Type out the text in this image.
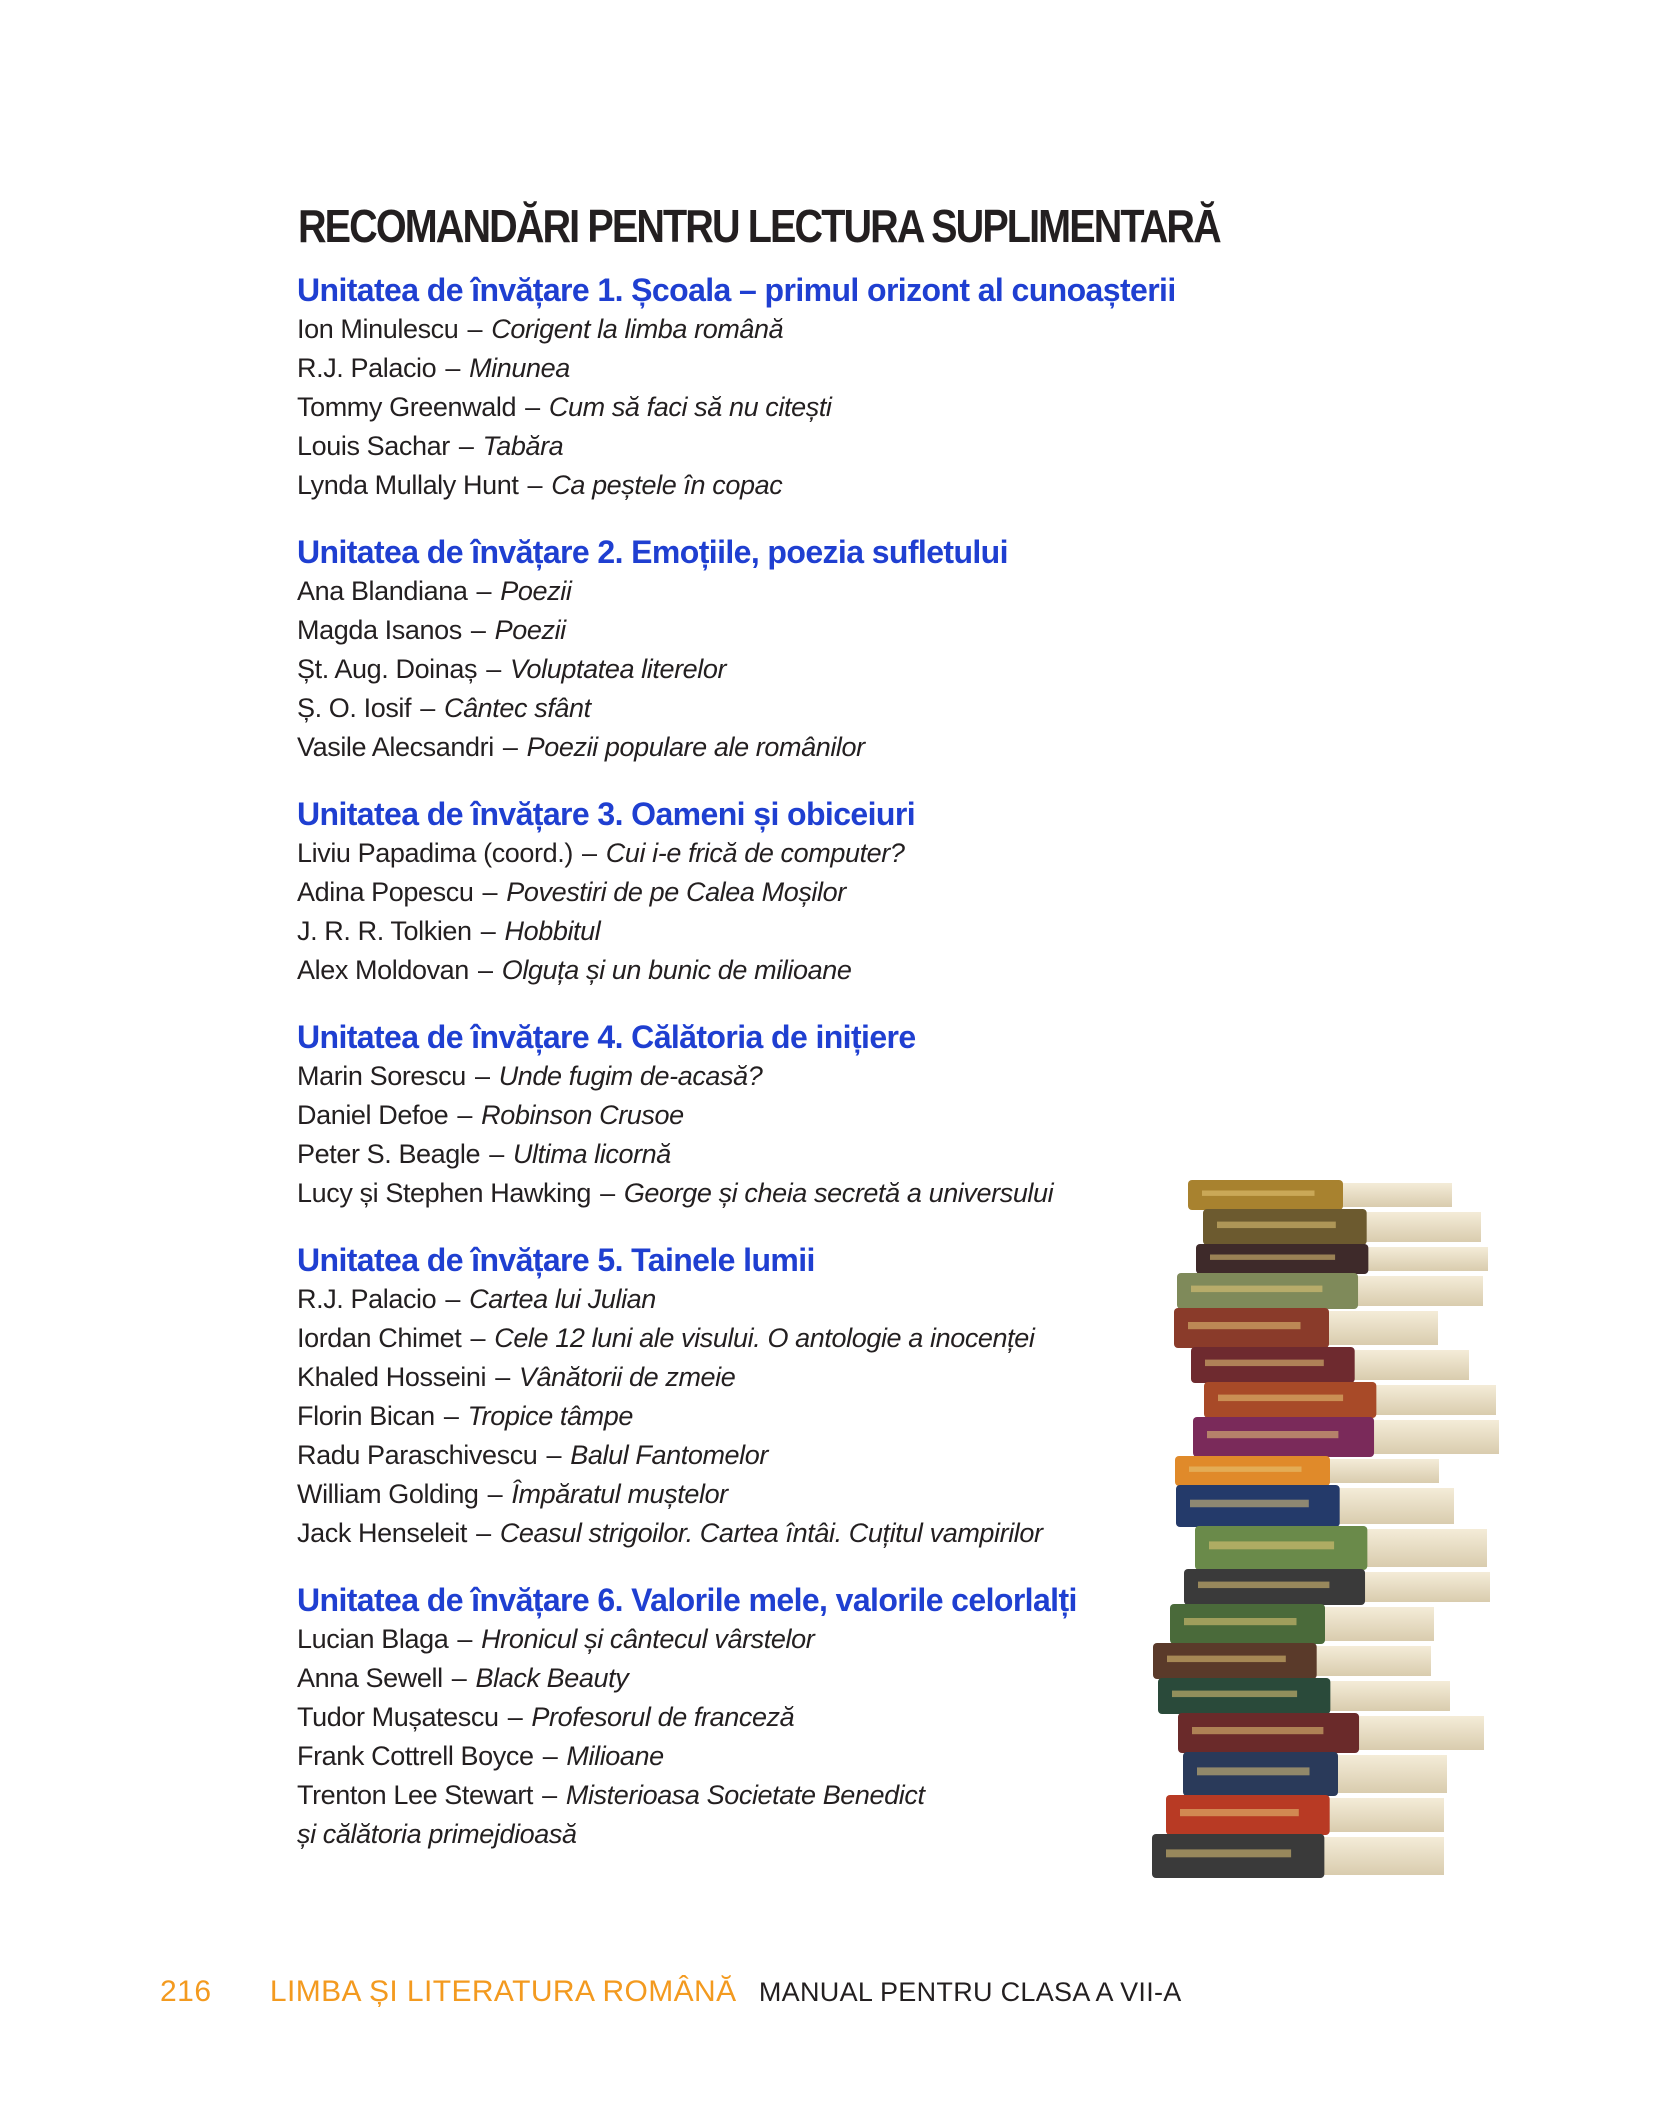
RECOMANDĂRI PENTRU LECTURA SUPLIMENTARĂ
Unitatea de învățare 1. Școala – primul orizont al cunoașterii
Ion Minulescu – Corigent la limba română
R.J. Palacio – Minunea
Tommy Greenwald – Cum să faci să nu citești
Louis Sachar – Tabăra
Lynda Mullaly Hunt – Ca peștele în copac
Unitatea de învățare 2. Emoțiile, poezia sufletului
Ana Blandiana – Poezii
Magda Isanos – Poezii
Șt. Aug. Doinaș – Voluptatea literelor
Ș. O. Iosif – Cântec sfânt
Vasile Alecsandri – Poezii populare ale românilor
Unitatea de învățare 3. Oameni și obiceiuri
Liviu Papadima (coord.) – Cui i-e frică de computer?
Adina Popescu – Povestiri de pe Calea Moșilor
J. R. R. Tolkien – Hobbitul
Alex Moldovan – Olguța și un bunic de milioane
Unitatea de învățare 4. Călătoria de inițiere
Marin Sorescu – Unde fugim de-acasă?
Daniel Defoe – Robinson Crusoe
Peter S. Beagle – Ultima licornă
Lucy și Stephen Hawking – George și cheia secretă a universului
Unitatea de învățare 5. Tainele lumii
R.J. Palacio – Cartea lui Julian
Iordan Chimet – Cele 12 luni ale visului. O antologie a inocenței
Khaled Hosseini – Vânătorii de zmeie
Florin Bican – Tropice tâmpe
Radu Paraschivescu – Balul Fantomelor
William Golding – Împăratul muștelor
Jack Henseleit – Ceasul strigoilor. Cartea întâi. Cuțitul vampirilor
Unitatea de învățare 6. Valorile mele, valorile celorlalți
Lucian Blaga – Hronicul și cântecul vârstelor
Anna Sewell – Black Beauty
Tudor Mușatescu – Profesorul de franceză
Frank Cottrell Boyce – Milioane
Trenton Lee Stewart – Misterioasa Societate Benedict
și călătoria primejdioasă
216 LIMBA ȘI LITERATURA ROMÂNĂ MANUAL PENTRU CLASA A VII-A
